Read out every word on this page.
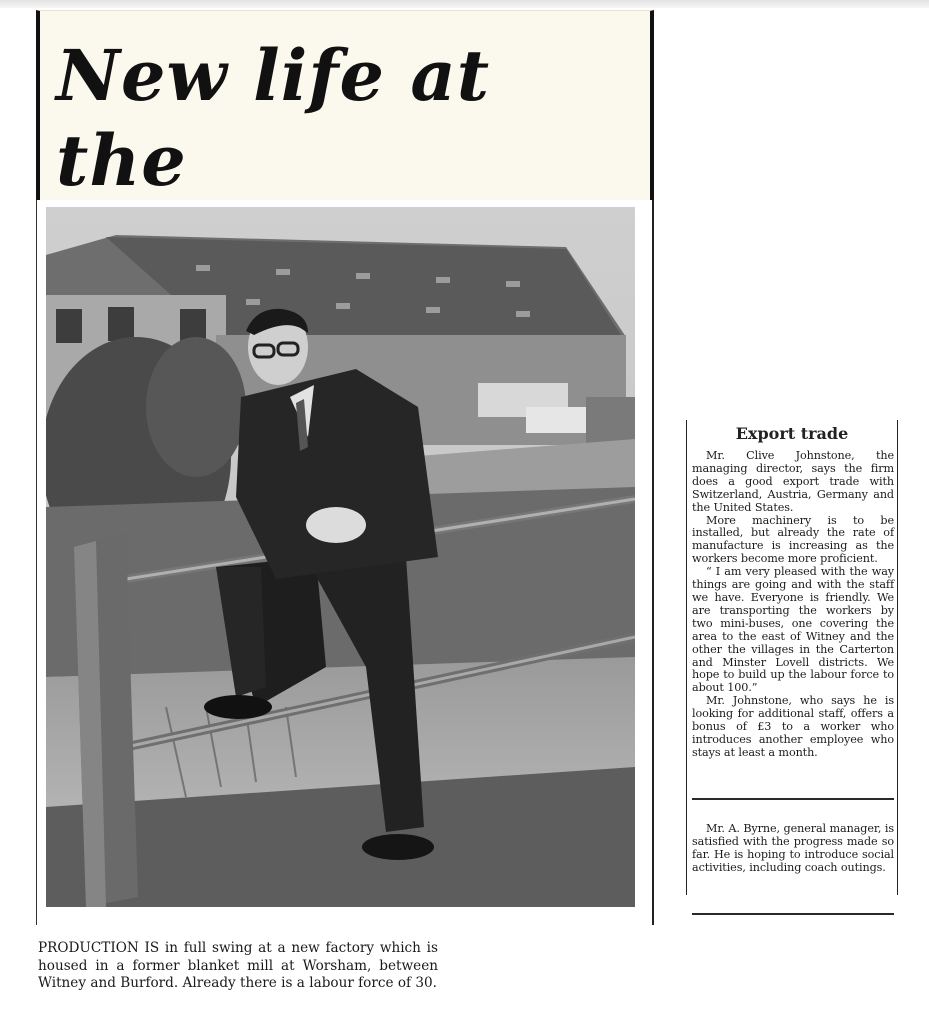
New life at the

PRODUCTION IS in full swing at a new factory which is housed in a former blanket mill at Worsham, between Witney and Burford. Already there is a labour force of 30.

Export trade

Mr. Clive Johnstone, the managing director, says the firm does a good export trade with Switzerland, Austria, Germany and the United States.

More machinery is to be installed, but already the rate of manufacture is increasing as the workers become more proficient.

“ I am very pleased with the way things are going and with the staff we have. Everyone is friendly. We are transporting the workers by two mini-buses, one covering the area to the east of Witney and the other the villages in the Carterton and Minster Lovell districts. We hope to build up the labour force to about 100.”

Mr. Johnstone, who says he is looking for additional staff, offers a bonus of £3 to a worker who introduces another employee who stays at least a month.

Mr. A. Byrne, general manager, is satisfied with the progress made so far. He is hoping to introduce social activities, including coach outings.
